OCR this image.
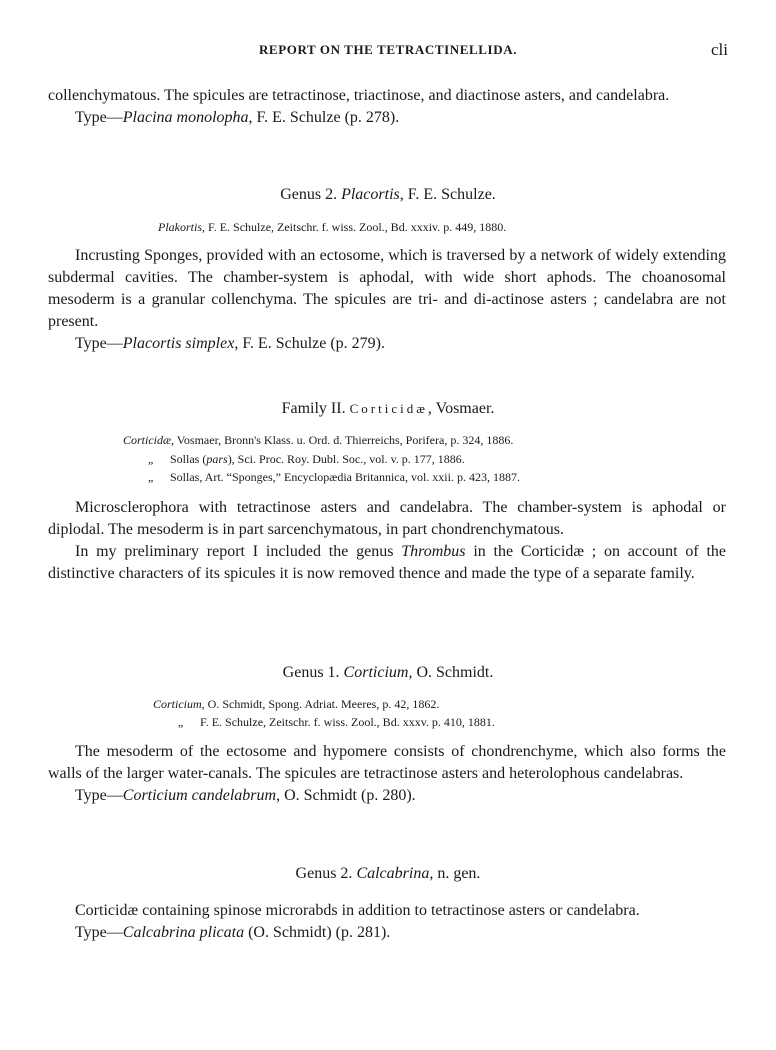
REPORT ON THE TETRACTINELLIDA.	cli

collenchymatous. The spicules are tetractinose, triactinose, and diactinose asters, and candelabra.

Type—Placina monolopha, F. E. Schulze (p. 278).

Genus 2. Placortis, F. E. Schulze.
Plakortis, F. E. Schulze, Zeitschr. f. wiss. Zool., Bd. xxxiv. p. 449, 1880.

Incrusting Sponges, provided with an ectosome, which is traversed by a network of widely extending subdermal cavities. The chamber-system is aphodal, with wide short aphods. The choanosomal mesoderm is a granular collenchyma. The spicules are tri- and di-actinose asters ; candelabra are not present.

Type—Placortis simplex, F. E. Schulze (p. 279).

Family II. Corticidæ, Vosmaer.
Corticidæ, Vosmaer, Bronn's Klass. u. Ord. d. Thierreichs, Porifera, p. 324, 1886.
„ Sollas (pars), Sci. Proc. Roy. Dubl. Soc., vol. v. p. 177, 1886.
„ Sollas, Art. “Sponges,” Encyclopædia Britannica, vol. xxii. p. 423, 1887.

Microsclerophora with tetractinose asters and candelabra. The chamber-system is aphodal or diplodal. The mesoderm is in part sarcenchymatous, in part chondrenchymatous.

In my preliminary report I included the genus Thrombus in the Corticidæ ; on account of the distinctive characters of its spicules it is now removed thence and made the type of a separate family.

Genus 1. Corticium, O. Schmidt.
Corticium, O. Schmidt, Spong. Adriat. Meeres, p. 42, 1862.
„ F. E. Schulze, Zeitschr. f. wiss. Zool., Bd. xxxv. p. 410, 1881.

The mesoderm of the ectosome and hypomere consists of chondrenchyme, which also forms the walls of the larger water-canals. The spicules are tetractinose asters and heterolophous candelabras.

Type—Corticium candelabrum, O. Schmidt (p. 280).

Genus 2. Calcabrina, n. gen.

Corticidæ containing spinose microrabds in addition to tetractinose asters or candelabra.

Type—Calcabrina plicata (O. Schmidt) (p. 281).
